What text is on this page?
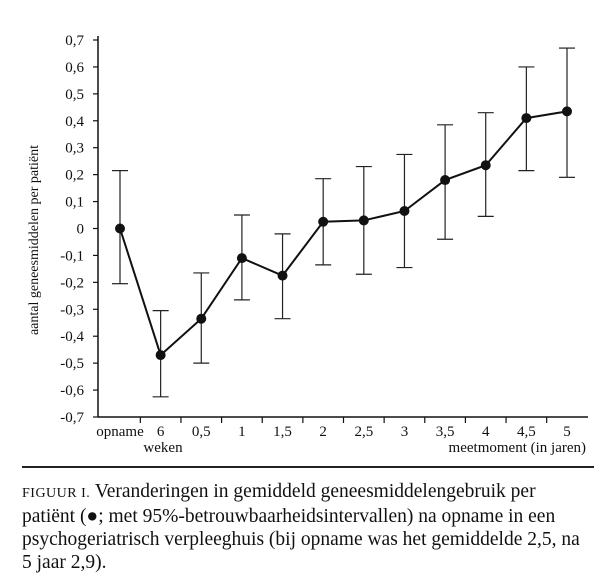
0,7
0,6
0,5
0,4
0,3
0,2
0,1
0
-0,1
-0,2
-0,3
-0,4
-0,5
-0,6
-0,7
opname 6 0,5 1 1,5 2 2,5 3 3,5 4 4,5 5
aantal geneesmiddelen per patiënt
weken	meetmoment (in jaren)
FIGUUR I. Veranderingen in gemiddeld geneesmiddelengebruik per patiënt (●; met 95%-betrouwbaarheidsintervallen) na opname in een psychogeriatrisch verpleeghuis (bij opname was het gemiddelde 2,5, na 5 jaar 2,9).
